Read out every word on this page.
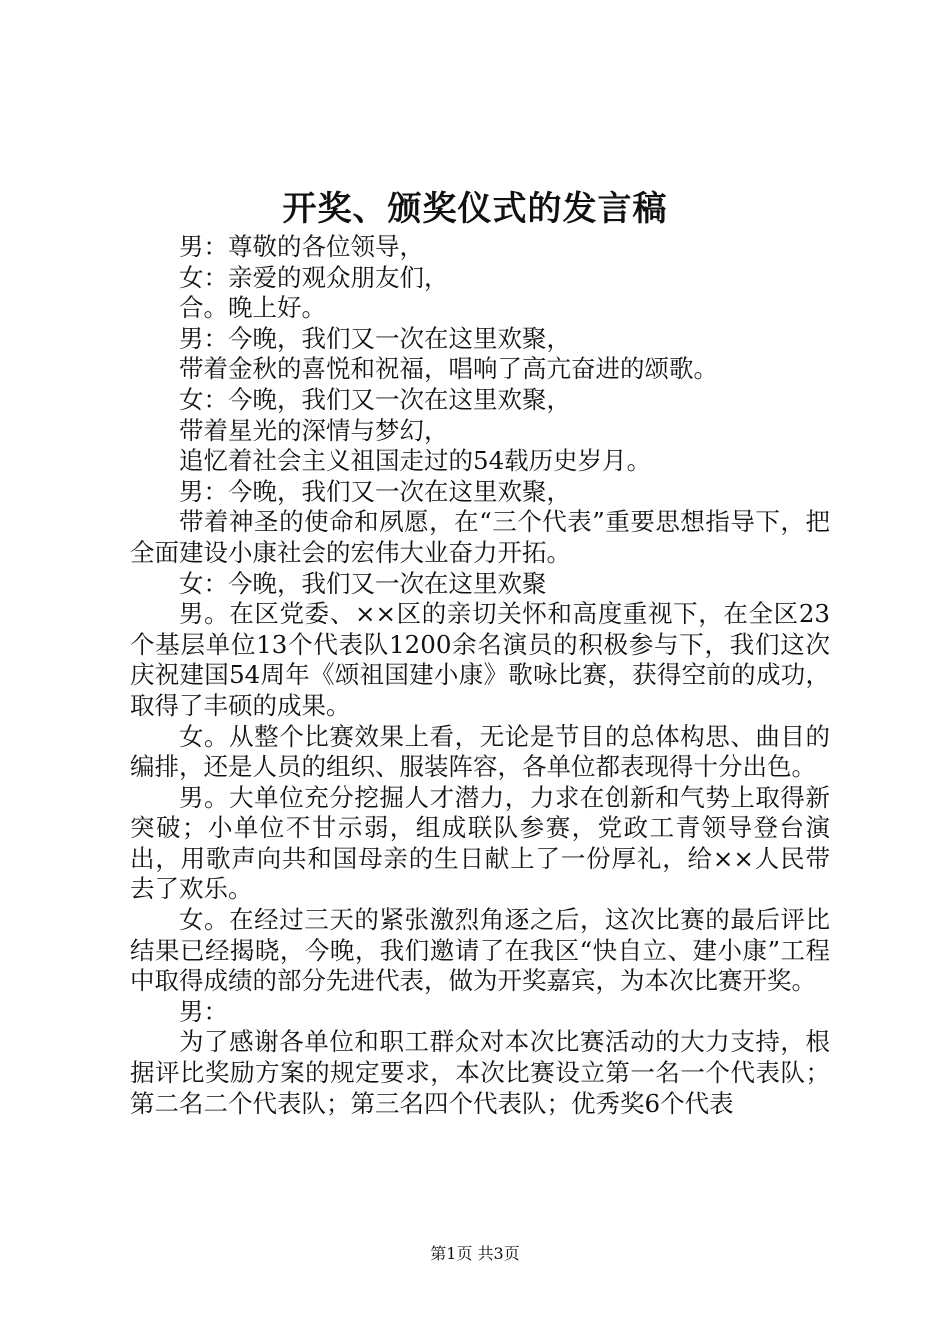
开奖、颁奖仪式的发言稿

男：尊敬的各位领导，

女：亲爱的观众朋友们，

合。晚上好。

男：今晚，我们又一次在这里欢聚，

带着金秋的喜悦和祝福，唱响了高亢奋进的颂歌。

女：今晚，我们又一次在这里欢聚，

带着星光的深情与梦幻，

追忆着社会主义祖国走过的54载历史岁月。

男：今晚，我们又一次在这里欢聚，

带着神圣的使命和夙愿，在“三个代表”重要思想指导下，把全面建设小康社会的宏伟大业奋力开拓。

女：今晚，我们又一次在这里欢聚

男。在区党委、××区的亲切关怀和高度重视下，在全区23个基层单位13个代表队1200余名演员的积极参与下，我们这次庆祝建国54周年《颂祖国建小康》歌咏比赛，获得空前的成功，取得了丰硕的成果。

女。从整个比赛效果上看，无论是节目的总体构思、曲目的编排，还是人员的组织、服装阵容，各单位都表现得十分出色。

男。大单位充分挖掘人才潜力，力求在创新和气势上取得新突破；小单位不甘示弱，组成联队参赛，党政工青领导登台演出，用歌声向共和国母亲的生日献上了一份厚礼，给××人民带去了欢乐。

女。在经过三天的紧张激烈角逐之后，这次比赛的最后评比结果已经揭晓，今晚，我们邀请了在我区“快自立、建小康”工程中取得成绩的部分先进代表，做为开奖嘉宾，为本次比赛开奖。

男：

为了感谢各单位和职工群众对本次比赛活动的大力支持，根据评比奖励方案的规定要求，本次比赛设立第一名一个代表队；第二名二个代表队；第三名四个代表队；优秀奖6个代表

第1页 共3页
